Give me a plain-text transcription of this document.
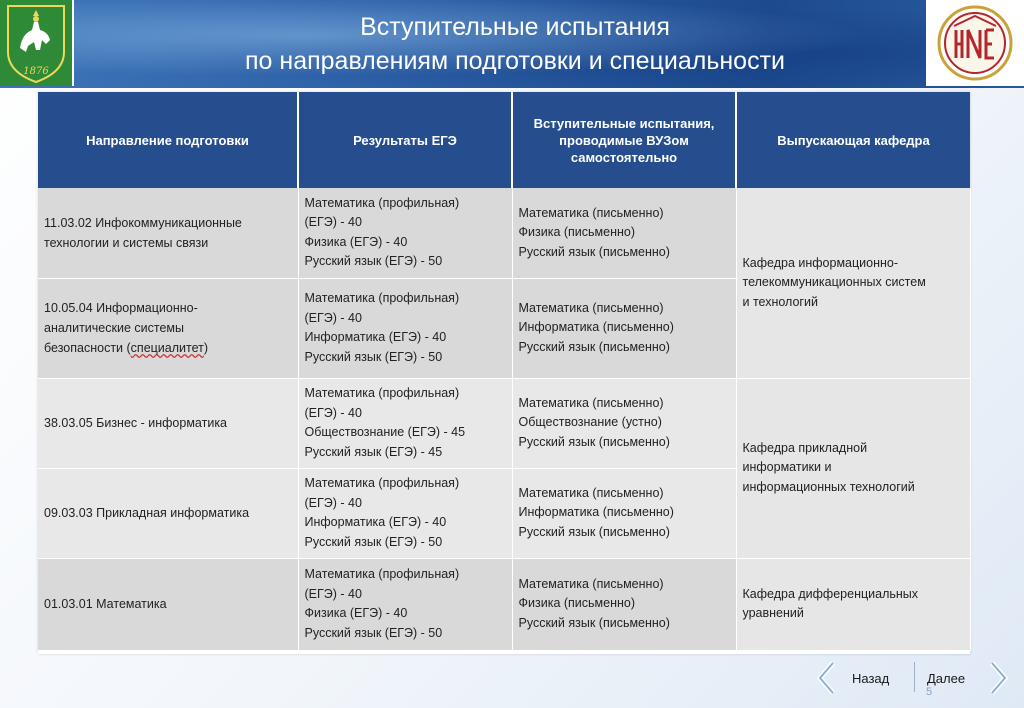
1876
Вступительные испытания
по направлениям подготовки и специальности
Направление подготовки	Результаты ЕГЭ	Вступительные испытания, проводимые ВУЗом самостоятельно	Выпускающая кафедра

11.03.02 Инфокоммуникационные
технологии и системы связи	Математика (профильная)
(ЕГЭ) - 40
Физика (ЕГЭ) - 40
Русский язык (ЕГЭ) - 50	Математика (письменно)
Физика (письменно)
Русский язык (письменно)	Кафедра информационно-
телекоммуникационных систем
и технологий

10.05.04 Информационно-
аналитические системы
безопасности (специалитет)	Математика (профильная)
(ЕГЭ) - 40
Информатика (ЕГЭ) - 40
Русский язык (ЕГЭ) - 50	Математика (письменно)
Информатика (письменно)
Русский язык (письменно)	

38.03.05 Бизнес - информатика	Математика (профильная)
(ЕГЭ) - 40
Обществознание (ЕГЭ) - 45
Русский язык (ЕГЭ) - 45	Математика (письменно)
Обществознание (устно)
Русский язык (письменно)	Кафедра прикладной
информатики и
информационных технологий

09.03.03 Прикладная информатика	Математика (профильная)
(ЕГЭ) - 40
Информатика (ЕГЭ) - 40
Русский язык (ЕГЭ) - 50	Математика (письменно)
Информатика (письменно)
Русский язык (письменно)	

01.03.01 Математика	Математика (профильная)
(ЕГЭ) - 40
Физика (ЕГЭ) - 40
Русский язык (ЕГЭ) - 50	Математика (письменно)
Физика (письменно)
Русский язык (письменно)	Кафедра дифференциальных
уравнений
Назад	Далее
5
